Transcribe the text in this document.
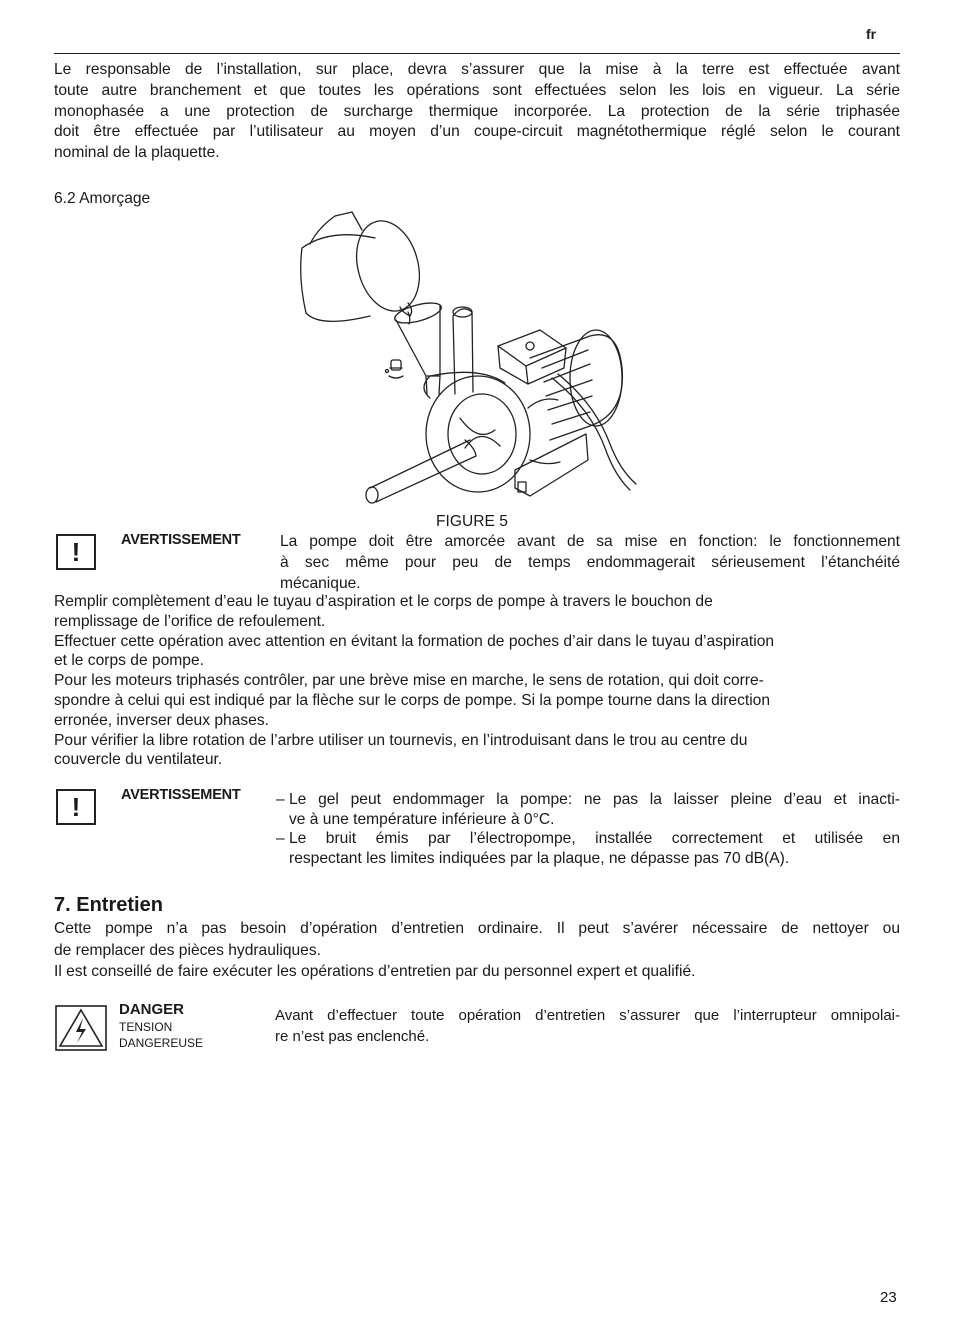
fr
Le responsable de l’installation, sur place, devra s’assurer que la mise à la terre est effectuée avant
toute autre branchement et que toutes les opérations sont effectuées selon les lois en vigueur. La série
monophasée a une protection de surcharge thermique incorporée. La protection de la série triphasée
doit être effectuée par l’utilisateur au moyen d’un coupe-circuit magnétothermique réglé selon le courant
nominal de la plaquette.
6.2 Amorçage
FIGURE 5
!	AVERTISSEMENT	La pompe doit être amorcée avant de sa mise en fonction: le fonctionnement
à sec même pour peu de temps endommagerait sérieusement l’étanchéité
mécanique.
Remplir complètement d’eau le tuyau d’aspiration et le corps de pompe à travers le bouchon de
remplissage de l’orifice de refoulement.
Effectuer cette opération avec attention en évitant la formation de poches d’air dans le tuyau d’aspiration
et le corps de pompe.
Pour les moteurs triphasés contrôler, par une brève mise en marche, le sens de rotation, qui doit corre-
spondre à celui qui est indiqué par la flèche sur le corps de pompe. Si la pompe tourne dans la direction
erronée, inverser deux phases.
Pour vérifier la libre rotation de l’arbre utiliser un tournevis, en l’introduisant dans le trou au centre du
couvercle du ventilateur.
!	AVERTISSEMENT – Le gel peut endommager la pompe: ne pas la laisser pleine d’eau et inacti-
ve à une température inférieure à 0°C.
– Le bruit émis par l’électropompe, installée correctement et utilisée en
respectant les limites indiquées par la plaque, ne dépasse pas 70 dB(A).
7. Entretien
Cette pompe n’a pas besoin d’opération d’entretien ordinaire. Il peut s’avérer nécessaire de nettoyer ou
de remplacer des pièces hydrauliques.
Il est conseillé de faire exécuter les opérations d’entretien par du personnel expert et qualifié.
DANGER
TENSION
DANGEREUSE
Avant d’effectuer toute opération d’entretien s’assurer que l’interrupteur omnipolai-
re n’est pas enclenché.
23
